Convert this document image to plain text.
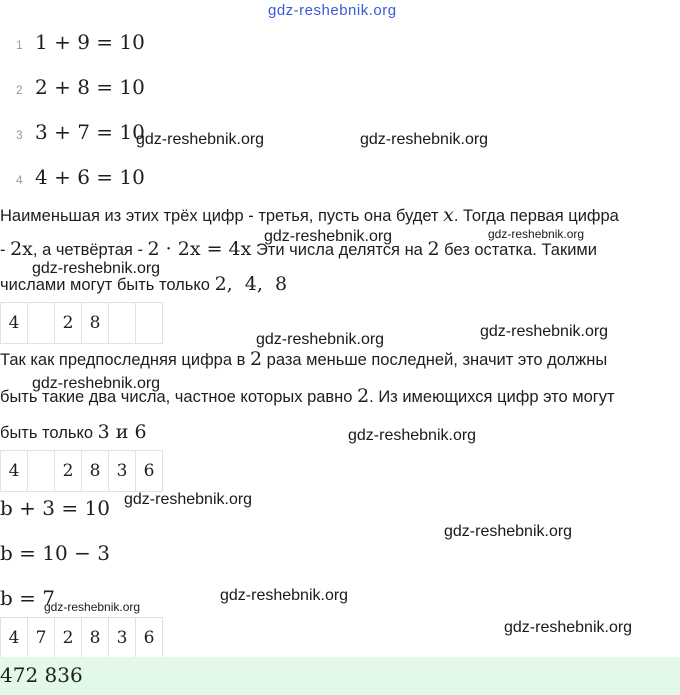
gdz-reshebnik.org
1 1 + 9 = 10
2 2 + 8 = 10
3 3 + 7 = 10
4 4 + 6 = 10
Наименьшая из этих трёх цифр - третья, пусть она будет x. Тогда первая цифра
- 2x, а четвёртая - 2 · 2x = 4x Эти числа делятся на 2 без остатка. Такими
числами могут быть только 2,  4,  8
4	2 8
Так как предпоследняя цифра в 2 раза меньше последней, значит это должны
быть такие два числа, частное которых равно 2. Из имеющихся цифр это могут
быть только 3 и 6
4	2 8 3 6
b + 3 = 10
b = 10 − 3
b = 7
4 7 2 8 3 6
472 836
gdz-reshebnik.org	gdz-reshebnik.org
gdz-reshebnik.org
gdz-reshebnik.org
gdz-reshebnik.org
gdz-reshebnik.org	gdz-reshebnik.org
gdz-reshebnik.org
gdz-reshebnik.org
gdz-reshebnik.org
gdz-reshebnik.org
gdz-reshebnik.org
gdz-reshebnik.org
gdz-reshebnik.org
